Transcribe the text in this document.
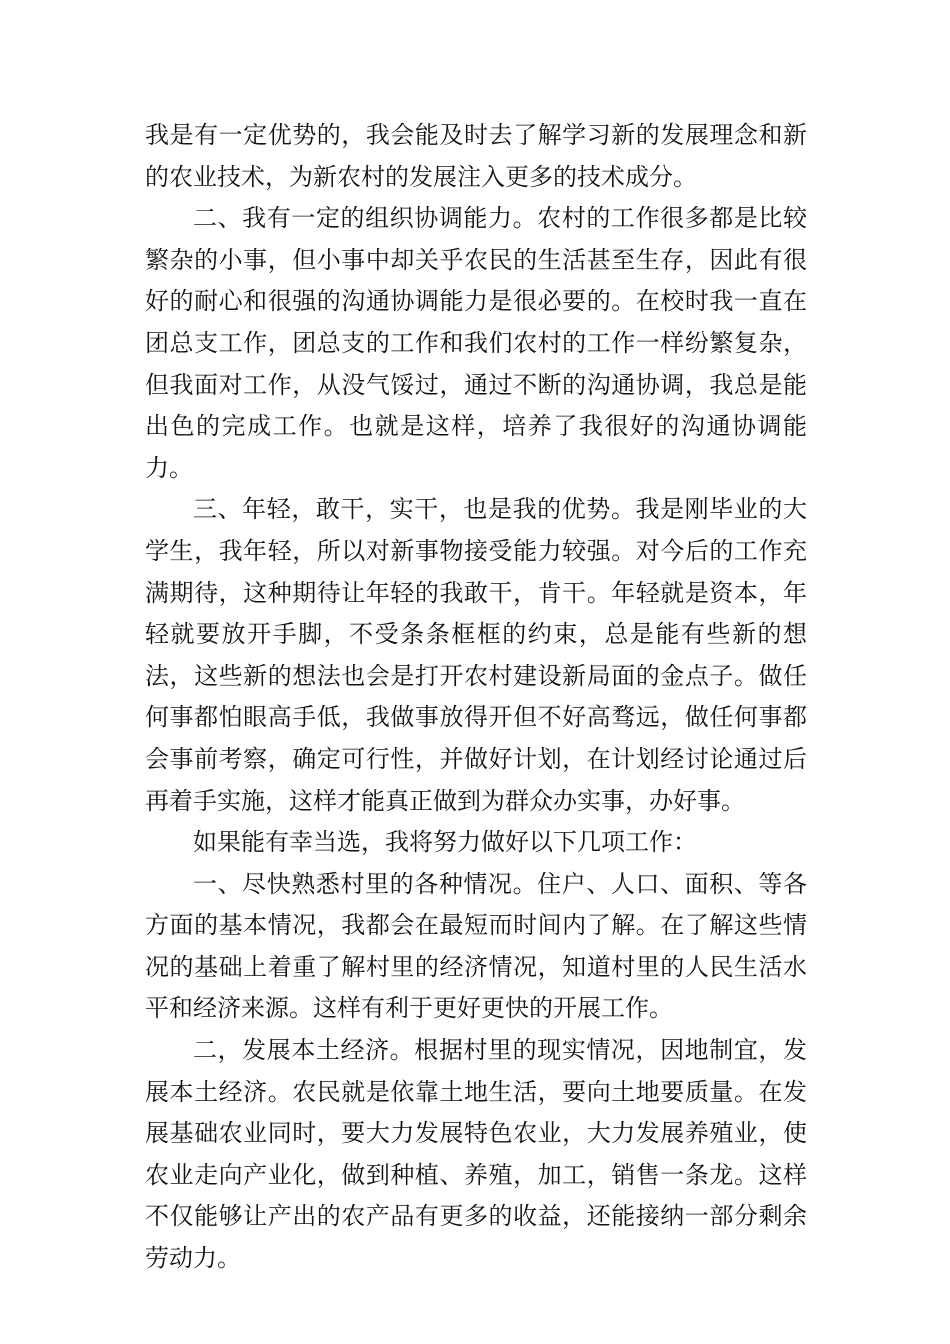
我是有一定优势的，我会能及时去了解学习新的发展理念和新的农业技术，为新农村的发展注入更多的技术成分。

二、我有一定的组织协调能力。农村的工作很多都是比较繁杂的小事，但小事中却关乎农民的生活甚至生存，因此有很好的耐心和很强的沟通协调能力是很必要的。在校时我一直在团总支工作，团总支的工作和我们农村的工作一样纷繁复杂，但我面对工作，从没气馁过，通过不断的沟通协调，我总是能出色的完成工作。也就是这样，培养了我很好的沟通协调能力。

三、年轻，敢干，实干，也是我的优势。我是刚毕业的大学生，我年轻，所以对新事物接受能力较强。对今后的工作充满期待，这种期待让年轻的我敢干，肯干。年轻就是资本，年轻就要放开手脚，不受条条框框的约束，总是能有些新的想法，这些新的想法也会是打开农村建设新局面的金点子。做任何事都怕眼高手低，我做事放得开但不好高骛远，做任何事都会事前考察，确定可行性，并做好计划，在计划经讨论通过后再着手实施，这样才能真正做到为群众办实事，办好事。

如果能有幸当选，我将努力做好以下几项工作：

一、尽快熟悉村里的各种情况。住户、人口、面积、等各方面的基本情况，我都会在最短而时间内了解。在了解这些情况的基础上着重了解村里的经济情况，知道村里的人民生活水平和经济来源。这样有利于更好更快的开展工作。

二，发展本土经济。根据村里的现实情况，因地制宜，发展本土经济。农民就是依靠土地生活，要向土地要质量。在发展基础农业同时，要大力发展特色农业，大力发展养殖业，使农业走向产业化，做到种植、养殖，加工，销售一条龙。这样不仅能够让产出的农产品有更多的收益，还能接纳一部分剩余劳动力。
